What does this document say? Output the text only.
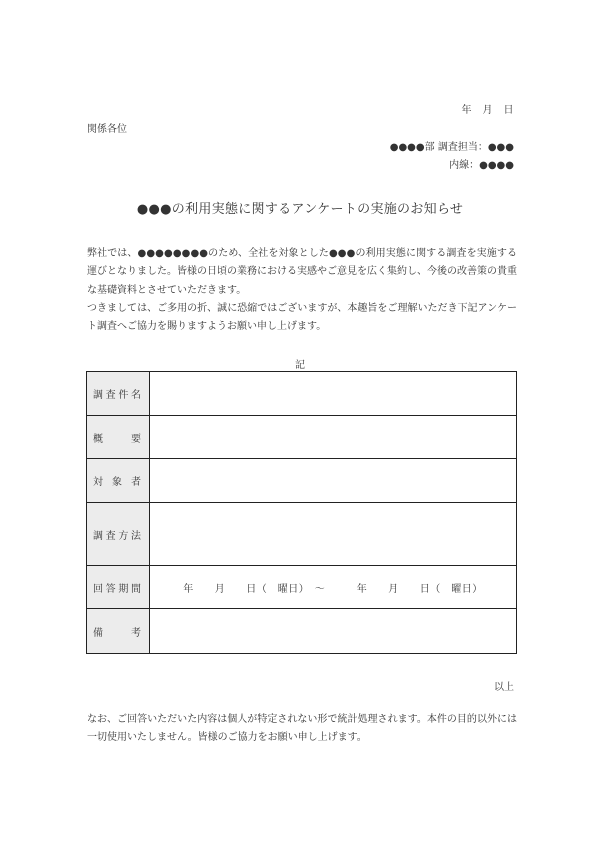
年　月　日
関係各位
●●●●部 調査担当：●●●
内線：●●●●
●●●の利用実態に関するアンケートの実施のお知らせ

弊社では、●●●●●●●●のため、全社を対象とした●●●の利用実態に関する調査を実施する運びとなりました。皆様の日頃の業務における実感やご意見を広く集約し、今後の改善策の貴重な基礎資料とさせていただきます。

つきましては、ご多用の折、誠に恐縮ではございますが、本趣旨をご理解いただき下記アンケート調査へご協力を賜りますようお願い申し上げます。

記
調 査 件 名	

概 要	

対 象 者	

調 査 方 法	

回 答 期 間	年　　月　　日（　曜日）　～　　　年　　月　　日（　曜日）

備 考	

以上

なお、ご回答いただいた内容は個人が特定されない形で統計処理されます。本件の目的以外には一切使用いたしません。皆様のご協力をお願い申し上げます。
